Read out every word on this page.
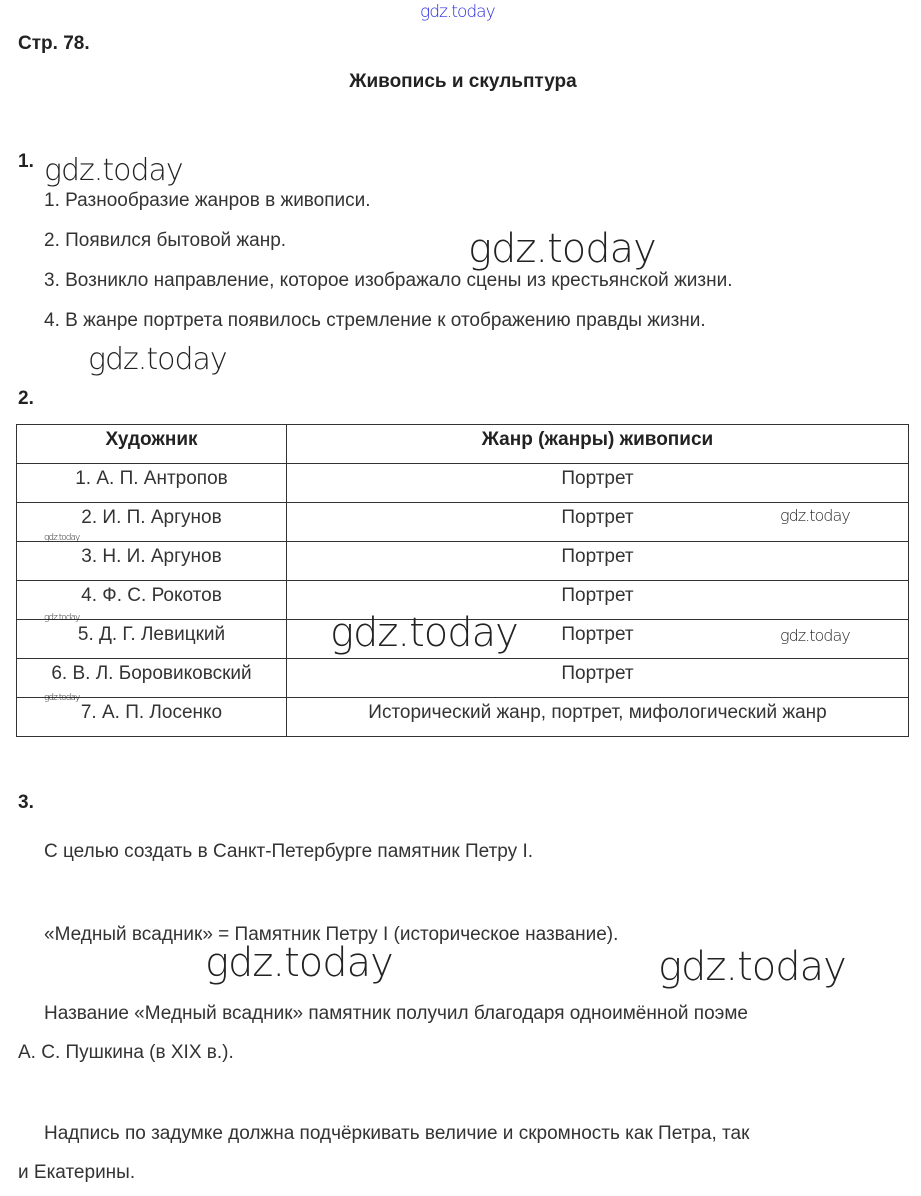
gdz.today
Стр. 78.
Живопись и скульптура
1. gdz.today
1. Разнообразие жанров в живописи.
2. Появился бытовой жанр.
3. Возникло направление, которое изображало сцены из крестьянской жизни.
4. В жанре портрета появилось стремление к отображению правды жизни.
gdz.today
gdz.today
2.
Художник	Жанр (жанры) живописи
1. А. П. Антропов	Портрет
2. И. П. Аргунов	Портрет
3. Н. И. Аргунов	Портрет
4. Ф. С. Рокотов	Портрет
5. Д. Г. Левицкий	Портрет
6. В. Л. Боровиковский	Портрет
7. А. П. Лосенко	Исторический жанр, портрет, мифологический жанр
gdz.today
gdz.today
gdz.today	gdz.today	gdz.today
gdz.today
3.
С целью создать в Санкт-Петербурге памятник Петру I.
«Медный всадник» = Памятник Петру I (историческое название).
gdz.today	gdz.today
Название «Медный всадник» памятник получил благодаря одноимённой поэме
А. С. Пушкина (в XIX в.).
Надпись по задумке должна подчёркивать величие и скромность как Петра, так
и Екатерины.
